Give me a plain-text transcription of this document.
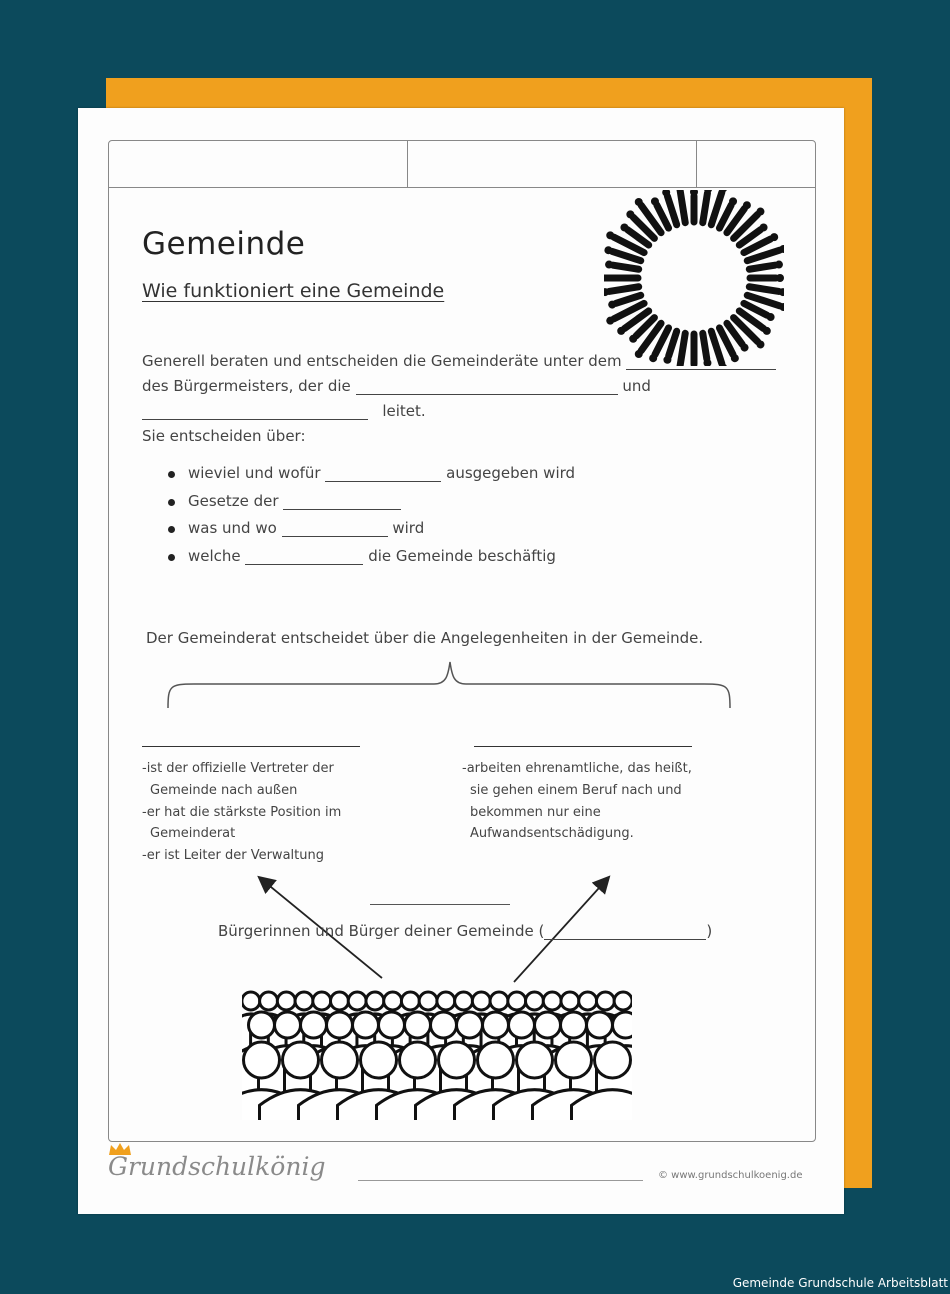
Gemeinde
Wie funktioniert eine Gemeinde
Generell beraten und entscheiden die Gemeinderäte unter dem
des Bürgermeisters, der die	und
leitet.
Sie entscheiden über:
wieviel und wofür	ausgegeben wird
Gesetze der
was und wo	wird
welche	die Gemeinde beschäftig
Der Gemeinderat entscheidet über die Angelegenheiten in der Gemeinde.
-ist der offizielle Vertreter der
Gemeinde nach außen
-er hat die stärkste Position im
Gemeinderat
-er ist Leiter der Verwaltung
-arbeiten ehrenamtliche, das heißt,
sie gehen einem Beruf nach und
bekommen nur eine
Aufwandsentschädigung.
Bürgerinnen und Bürger deiner Gemeinde (	)
Grundschulkönig	© www.grundschulkoenig.de
Gemeinde Grundschule Arbeitsblatt
